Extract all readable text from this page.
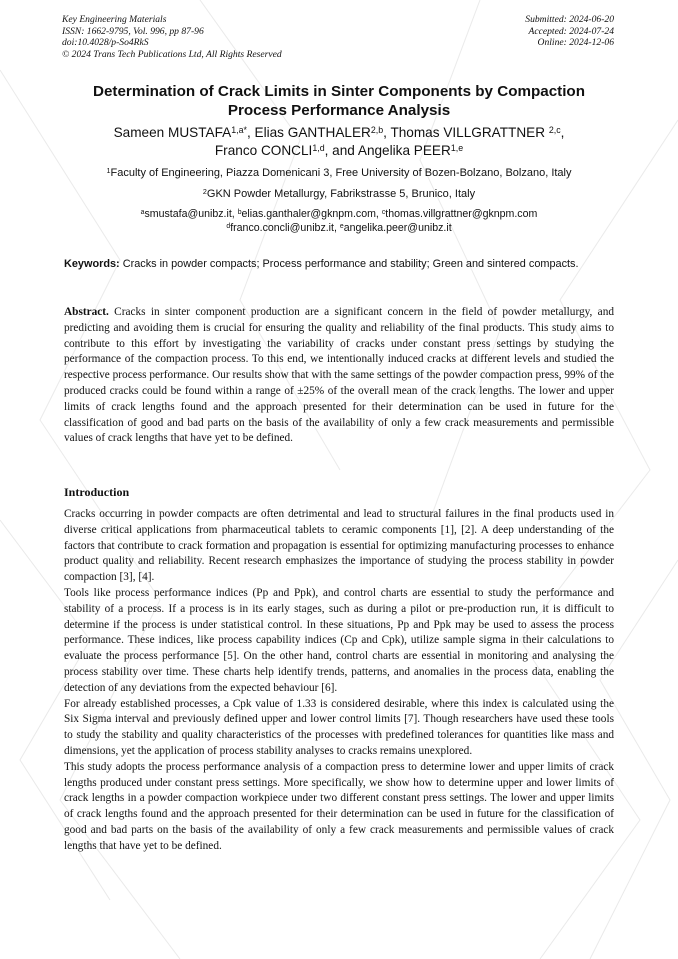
Key Engineering Materials
ISSN: 1662-9795, Vol. 996, pp 87-96
doi:10.4028/p-So4RkS
© 2024 Trans Tech Publications Ltd, All Rights Reserved
Submitted: 2024-06-20
Accepted: 2024-07-24
Online: 2024-12-06
Determination of Crack Limits in Sinter Components by Compaction Process Performance Analysis
Sameen $MUSTAFA^{1,a*}$, Elias GANTHALER$^{2,b}$, Thomas VILLGRATTNER $^{2,c}$,
Franco CONCLI$^{1,d}$, and Angelika PEER$^{1,e}$
$^1$Faculty of Engineering, Piazza Domenicani 3, Free University of Bozen-Bolzano, Bolzano, Italy
$^2$GKN Powder Metallurgy, Fabrikstrasse 5, Brunico, Italy
$^a$smustafa@unibz.it, $^b$elias.ganthaler@gknpm.com, $^c$thomas.villgrattner@gknpm.com
$^d$franco.concli@unibz.it, $^e$angelika.peer@unibz.it
Keywords: Cracks in powder compacts; Process performance and stability; Green and sintered compacts.
Abstract. Cracks in sinter component production are a significant concern in the field of powder metallurgy, and predicting and avoiding them is crucial for ensuring the quality and reliability of the final products. This study aims to contribute to this effort by investigating the variability of cracks under constant press settings by studying the performance of the compaction process. To this end, we intentionally induced cracks at different levels and studied the respective process performance. Our results show that with the same settings of the powder compaction press, 99% of the produced cracks could be found within a range of ±25% of the overall mean of the crack lengths. The lower and upper limits of crack lengths found and the approach presented for their determination can be used in future for the classification of good and bad parts on the basis of the availability of only a few crack measurements and permissible values of crack lengths that have yet to be defined.
Introduction

Cracks occurring in powder compacts are often detrimental and lead to structural failures in the final products used in diverse critical applications from pharmaceutical tablets to ceramic components [1], [2]. A deep understanding of the factors that contribute to crack formation and propagation is essential for optimizing manufacturing processes to enhance product quality and reliability. Recent research emphasizes the importance of studying the process stability in powder compaction [3], [4].

Tools like process performance indices (Pp and Ppk), and control charts are essential to study the performance and stability of a process. If a process is in its early stages, such as during a pilot or pre-production run, it is difficult to determine if the process is under statistical control. In these situations, Pp and Ppk may be used to assess the process performance. These indices, like process capability indices (Cp and Cpk), utilize sample sigma in their calculations to evaluate the process performance [5]. On the other hand, control charts are essential in monitoring and analysing the process stability over time. These charts help identify trends, patterns, and anomalies in the process data, enabling the detection of any deviations from the expected behaviour [6].

For already established processes, a Cpk value of 1.33 is considered desirable, where this index is calculated using the Six Sigma interval and previously defined upper and lower control limits [7]. Though researchers have used these tools to study the stability and quality characteristics of the processes with predefined tolerances for quantities like mass and dimensions, yet the application of process stability analyses to cracks remains unexplored.

This study adopts the process performance analysis of a compaction press to determine lower and upper limits of crack lengths produced under constant press settings. More specifically, we show how to determine upper and lower limits of crack lengths in a powder compaction workpiece under two different constant press settings. The lower and upper limits of crack lengths found and the approach presented for their determination can be used in future for the classification of good and bad parts on the basis of the availability of only a few crack measurements and permissible values of crack lengths that have yet to be defined.
